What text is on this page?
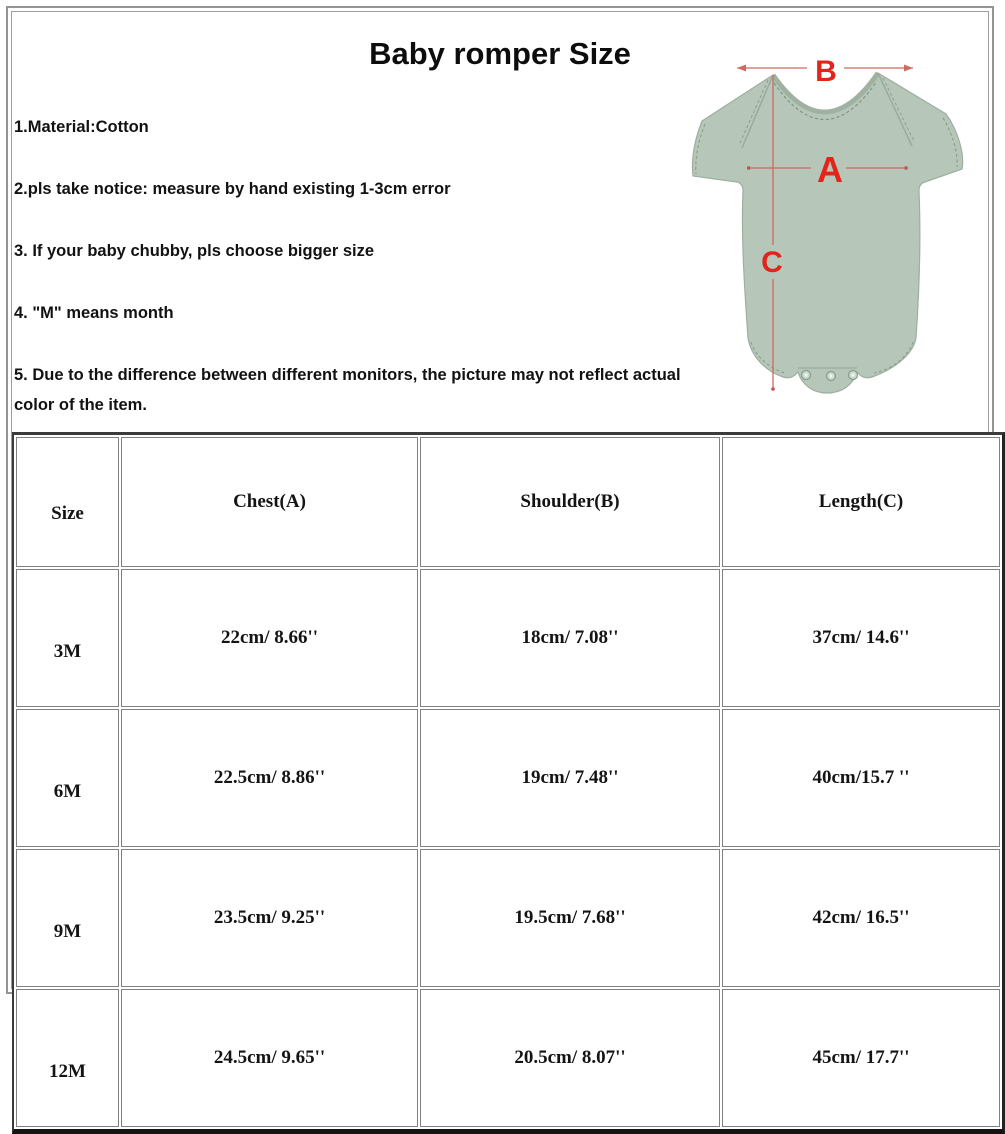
Baby romper Size

1.Material:Cotton

2.pls take notice: measure by hand existing 1-3cm error

3. If your baby chubby, pls choose bigger size

4. "M" means month

5. Due to the difference between different monitors, the picture may not reflect actual color of the item.

B
A
C
Size	Chest(A)	Shoulder(B)	Length(C)
3M	22cm/ 8.66''	18cm/ 7.08''	37cm/ 14.6''
6M	22.5cm/ 8.86''	19cm/ 7.48''	40cm/15.7 ''
9M	23.5cm/ 9.25''	19.5cm/ 7.68''	42cm/ 16.5''
12M	24.5cm/ 9.65''	20.5cm/ 8.07''	45cm/ 17.7''
